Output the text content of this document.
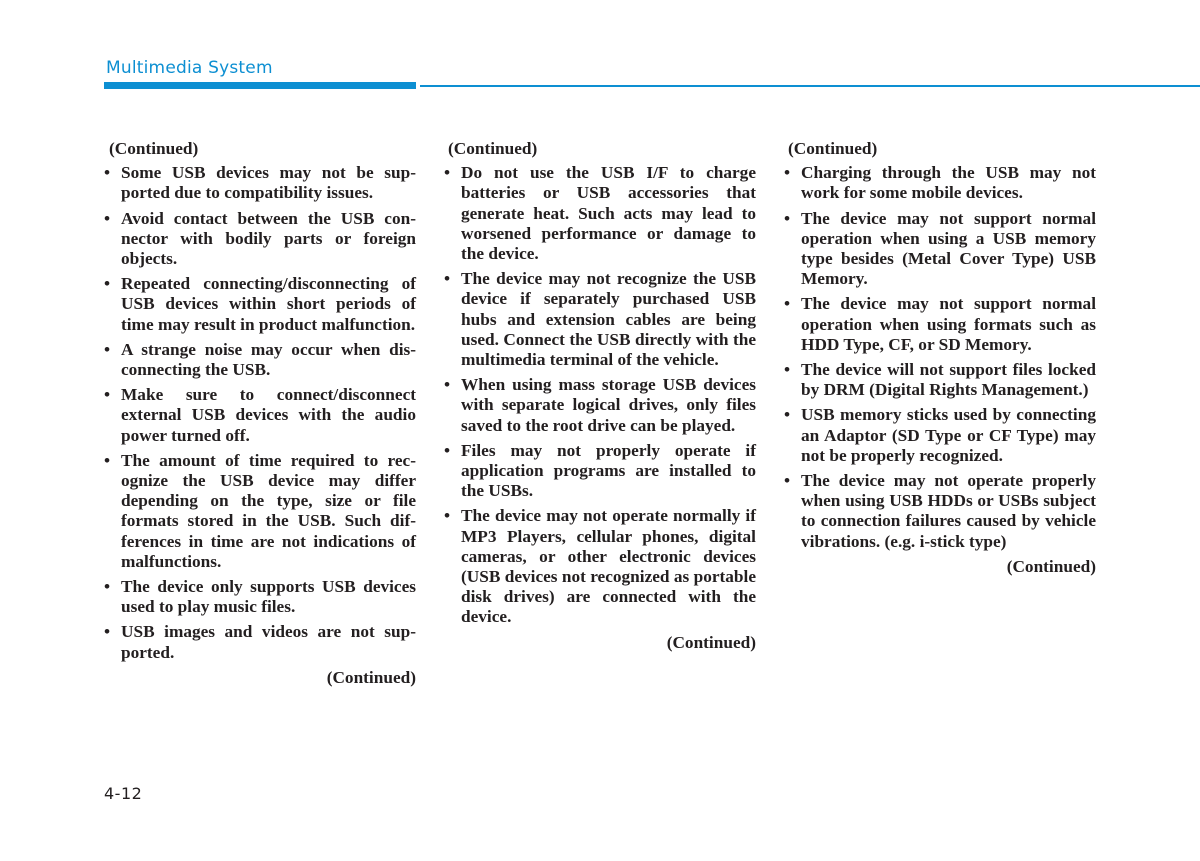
Multimedia System
(Continued)
• Some USB devices may not be supported due to compatibility issues.
• Avoid contact between the USB connector with bodily parts or foreign objects.
• Repeated connecting/disconnecting of USB devices within short periods of time may result in product malfunction.
• A strange noise may occur when disconnecting the USB.
• Make sure to connect/disconnect external USB devices with the audio power turned off.
• The amount of time required to recognize the USB device may differ depending on the type, size or file formats stored in the USB. Such differences in time are not indications of malfunctions.
• The device only supports USB devices used to play music files.
• USB images and videos are not supported.
(Continued)
(Continued)
• Do not use the USB I/F to charge batteries or USB accessories that generate heat. Such acts may lead to worsened performance or damage to the device.
• The device may not recognize the USB device if separately purchased USB hubs and extension cables are being used. Connect the USB directly with the multimedia terminal of the vehicle.
• When using mass storage USB devices with separate logical drives, only files saved to the root drive can be played.
• Files may not properly operate if application programs are installed to the USBs.
• The device may not operate normally if MP3 Players, cellular phones, digital cameras, or other electronic devices (USB devices not recognized as portable disk drives) are connected with the device.
(Continued)
(Continued)
• Charging through the USB may not work for some mobile devices.
• The device may not support normal operation when using a USB memory type besides (Metal Cover Type) USB Memory.
• The device may not support normal operation when using formats such as HDD Type, CF, or SD Memory.
• The device will not support files locked by DRM (Digital Rights Management.)
• USB memory sticks used by connecting an Adaptor (SD Type or CF Type) may not be properly recognized.
• The device may not operate properly when using USB HDDs or USBs subject to connection failures caused by vehicle vibrations. (e.g. i-stick type)
(Continued)
4-12
